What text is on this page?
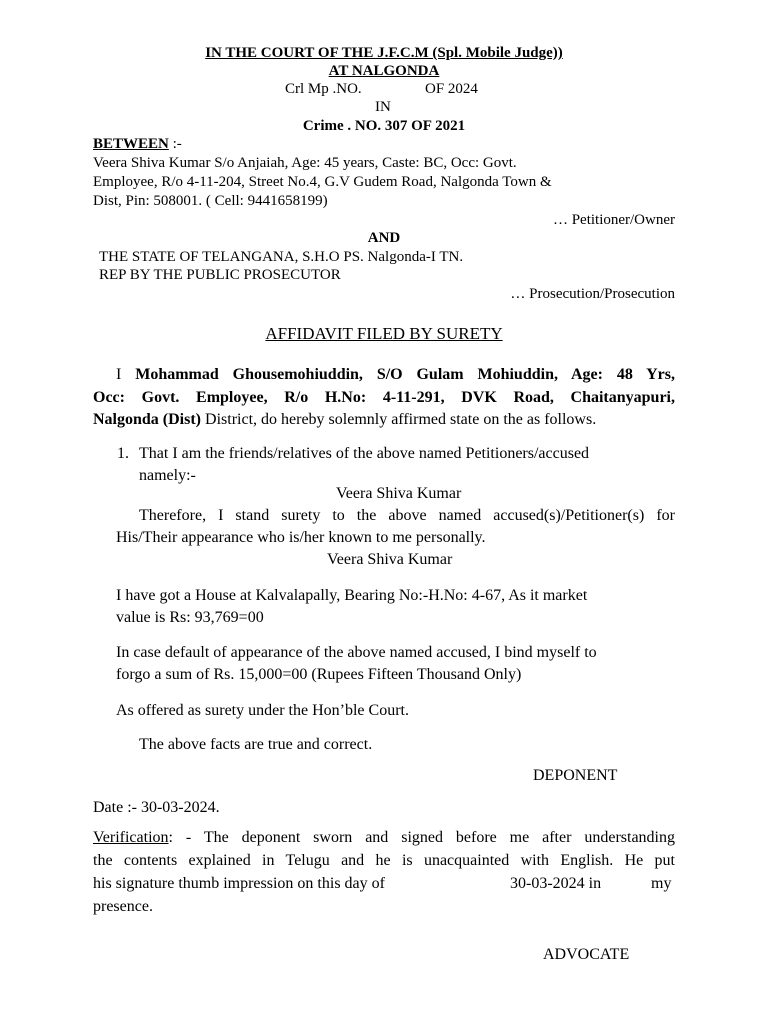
IN THE COURT OF THE J.F.C.M (Spl. Mobile Judge))
AT NALGONDA
Crl Mp .NO.	OF 2024
IN
Crime . NO. 307 OF 2021
BETWEEN :-
Veera Shiva Kumar S/o Anjaiah, Age: 45 years, Caste: BC, Occ: Govt.
Employee, R/o 4-11-204, Street No.4, G.V Gudem Road, Nalgonda Town &
Dist, Pin: 508001. ( Cell: 9441658199)
… Petitioner/Owner
AND
THE STATE OF TELANGANA, S.H.O PS. Nalgonda-I TN.
REP BY THE PUBLIC PROSECUTOR
… Prosecution/Prosecution
AFFIDAVIT FILED BY SURETY
I Mohammad Ghousemohiuddin, S/O Gulam Mohiuddin, Age: 48 Yrs,
Occ: Govt. Employee, R/o H.No: 4-11-291, DVK Road, Chaitanyapuri,
Nalgonda (Dist) District, do hereby solemnly affirmed state on the as follows.
1. That I am the friends/relatives of the above named Petitioners/accused
namely:-
Veera Shiva Kumar
Therefore, I stand surety to the above named accused(s)/Petitioner(s) for
His/Their appearance who is/her known to me personally.
Veera Shiva Kumar
I have got a House at Kalvalapally, Bearing No:-H.No: 4-67, As it market
value is Rs: 93,769=00
In case default of appearance of the above named accused, I bind myself to
forgo a sum of Rs. 15,000=00 (Rupees Fifteen Thousand Only)
As offered as surety under the Hon’ble Court.
The above facts are true and correct.
DEPONENT
Date :- 30-03-2024.
Verification: - The deponent sworn and signed before me after understanding
the contents explained in Telugu and he is unacquainted with English. He put
his signature thumb impression on this day of	30-03-2024 in	my
presence.
ADVOCATE
